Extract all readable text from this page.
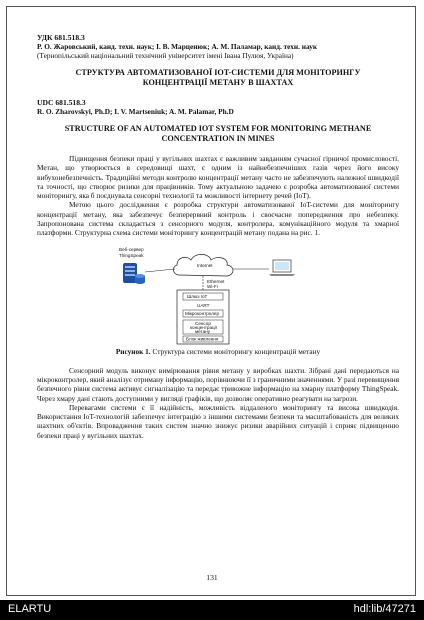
УДК 681.518.3
Р. О. Жаровський, канд. техн. наук; І. В. Марценюк; А. М. Паламар, канд. техн. наук
(Тернопільський національний технічний університет імені Івана Пулюя, Україна)
СТРУКТУРА АВТОМАТИЗОВАНОЇ IOT-СИСТЕМИ ДЛЯ МОНІТОРИНГУ КОНЦЕНТРАЦІЇ МЕТАНУ В ШАХТАХ
UDC 681.518.3
R. O. Zharovskyi, Ph.D; I. V. Martseniuk; A. M. Palamar, Ph.D
STRUCTURE OF AN AUTOMATED IOT SYSTEM FOR MONITORING METHANE CONCENTRATION IN MINES

Підвищення безпеки праці у вугільних шахтах є важливим завданням сучасної гірничої промисловості. Метан, що утворюється в середовищі шахт, є одним із найнебезпечніших газів через його високу вибухонебезпечність. Традиційні методи контролю концентрації метану часто не забезпечують належної швидкодії та точності, що створює ризики для працівників. Тому актуальною задачею є розробка автоматизованої системи моніторингу, яка б поєднувала сенсорні технології та можливості інтернету речей (IoT).

Метою цього дослідження є розробка структури автоматизованої IoT-системи для моніторингу концентрації метану, яка забезпечує безперервний контроль і своєчасне попередження про небезпеку. Запропонована система складається з сенсорного модуля, контролера, комунікаційного модуля та хмарної платформи. Структурна схема системи моніторингу концентрацій метану подана на рис. 1.

Веб-сервер
ThingSpeak
Internet
Ethernet
Wi-Fi
Шлюз IoT
UART
Мікроконтролер
Сенсор
концентрації
метану
Блок живлення
Рисунок 1. Структура системи моніторингу концентрацій метану

Сенсорний модуль виконує вимірювання рівня метану у виробках шахти. Зібрані дані передаються на мікроконтролер, який аналізує отриману інформацію, порівнюючи її з граничними значеннями. У разі перевищення безпечного рівня система активує сигналізацію та передає тривожне інформацію на хмарну платформу ThingSpeak. Через хмару дані стають доступними у вигляді графіків, що дозволяє оперативно реагувати на загрози.

Перевагами системи є її надійність, можливість віддаленого моніторингу та висока швидкодія. Використання IoT-технологій забезпечує інтеграцію з іншими системами безпеки та масштабованість для великих шахтних об'єктів. Впровадження таких систем значно знижує ризики аварійних ситуацій і сприяє підвищенню безпеки праці у вугільних шахтах.

131
ELARTU	hdl:lib/47271
